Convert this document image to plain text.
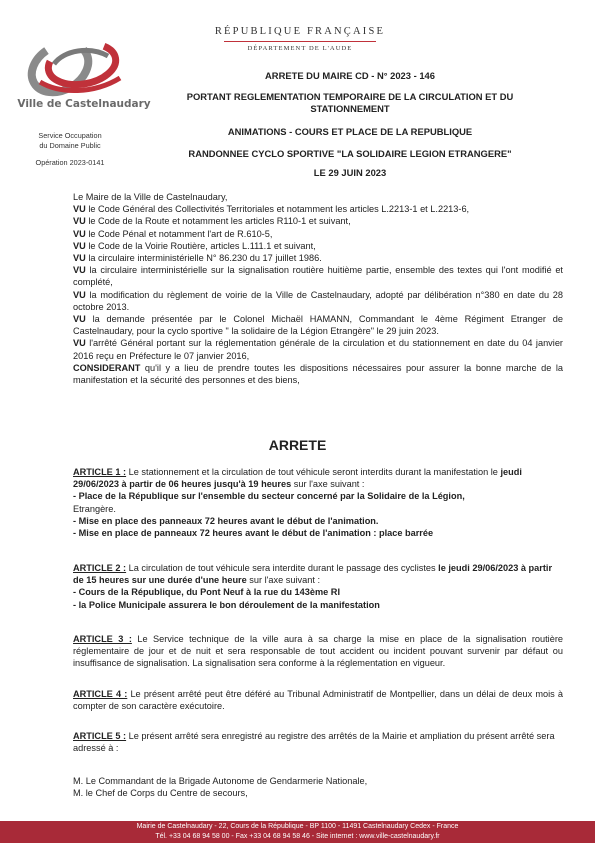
Ville de Castelnaudary
Service Occupation
du Domaine Public
Opération 2023-0141
RÉPUBLIQUE FRANÇAISE
DÉPARTEMENT DE L'AUDE
ARRETE DU MAIRE CD - N° 2023 - 146
PORTANT REGLEMENTATION TEMPORAIRE DE LA CIRCULATION ET DU STATIONNEMENT
ANIMATIONS - COURS ET PLACE DE LA REPUBLIQUE
RANDONNEE CYCLO SPORTIVE "LA SOLIDAIRE LEGION ETRANGERE"
LE 29 JUIN 2023

Le Maire de la Ville de Castelnaudary,

VU le Code Général des Collectivités Territoriales et notamment les articles L.2213-1 et L.2213-6,

VU le Code de la Route et notamment les articles R110-1 et suivant,

VU le Code Pénal et notamment l'art de R.610-5,

VU le Code de la Voirie Routière, articles L.111.1 et suivant,

VU la circulaire interministérielle N° 86.230 du 17 juillet 1986.

VU la circulaire interministérielle sur la signalisation routière huitième partie, ensemble des textes qui l'ont modifié et complété,

VU la modification du règlement de voirie de la Ville de Castelnaudary, adopté par délibération n°380 en date du 28 octobre 2013.

VU la demande présentée par le Colonel Michaël HAMANN, Commandant le 4ème Régiment Etranger de Castelnaudary, pour la cyclo sportive " la solidaire de la Légion Etrangère" le 29 juin 2023.

VU l'arrêté Général portant sur la réglementation générale de la circulation et du stationnement en date du 04 janvier 2016 reçu en Préfecture le 07 janvier 2016,

CONSIDERANT qu'il y a lieu de prendre toutes les dispositions nécessaires pour assurer la bonne marche de la manifestation et la sécurité des personnes et des biens,

ARRETE

ARTICLE 1 : Le stationnement et la circulation de tout véhicule seront interdits durant la manifestation le jeudi 29/06/2023 à partir de 06 heures jusqu'à 19 heures sur l'axe suivant :

- Place de la République sur l'ensemble du secteur concerné par la Solidaire de la Légion,

Etrangère.

- Mise en place des panneaux 72 heures avant le début de l'animation.

- Mise en place de panneaux 72 heures avant le début de l'animation : place barrée

ARTICLE 2 : La circulation de tout véhicule sera interdite durant le passage des cyclistes le jeudi 29/06/2023 à partir de 15 heures sur une durée d'une heure sur l'axe suivant :

- Cours de la République, du Pont Neuf à la rue du 143ème RI

- la Police Municipale assurera le bon déroulement de la manifestation

ARTICLE 3 : Le Service technique de la ville aura à sa charge la mise en place de la signalisation routière réglementaire de jour et de nuit et sera responsable de tout accident ou incident pouvant survenir par défaut ou insuffisance de signalisation. La signalisation sera conforme à la réglementation en vigueur.

ARTICLE 4 : Le présent arrêté peut être déféré au Tribunal Administratif de Montpellier, dans un délai de deux mois à compter de son caractère exécutoire.

ARTICLE 5 : Le présent arrêté sera enregistré au registre des arrêtés de la Mairie et ampliation du présent arrêté sera adressé à :

M. Le Commandant de la Brigade Autonome de Gendarmerie Nationale,

M. le Chef de Corps du Centre de secours,

Mairie de Castelnaudary - 22, Cours de la République - BP 1100 - 11491 Castelnaudary Cedex - France
Tél. +33 04 68 94 58 00 - Fax +33 04 68 94 58 46 - Site internet : www.ville-castelnaudary.fr
